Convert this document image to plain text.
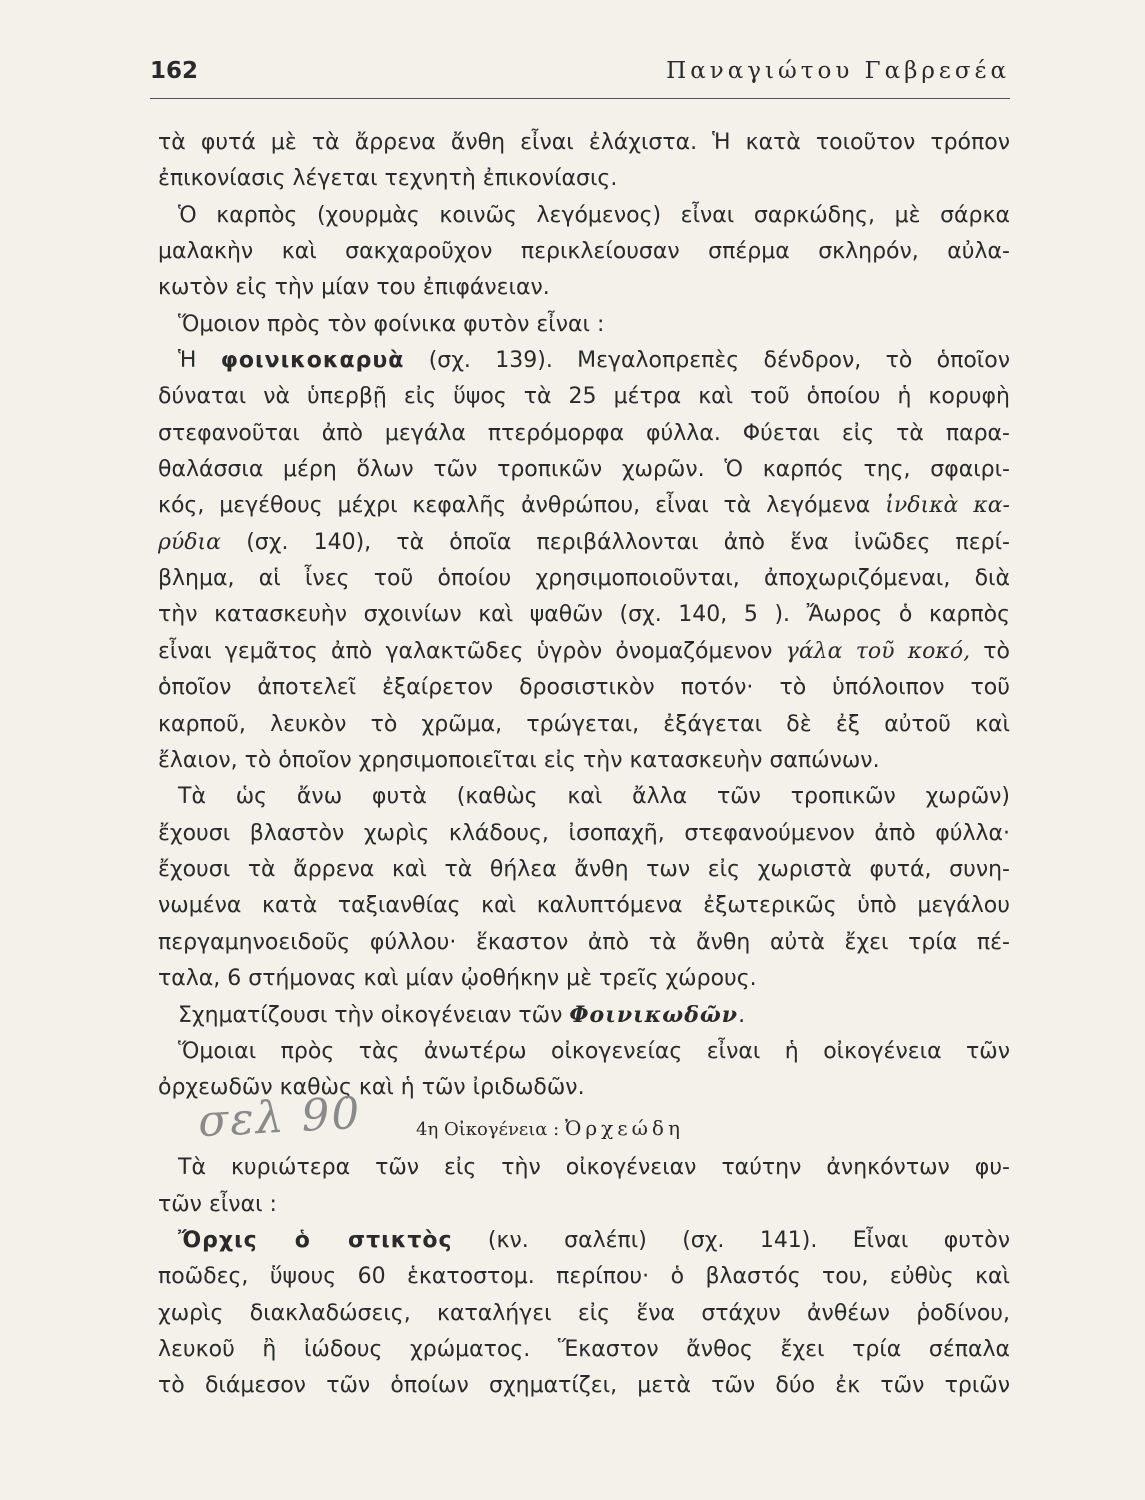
162	Παναγιώτου Γαβρεσέα
τὰ φυτά μὲ τὰ ἄρρενα ἄνθη εἶναι ἐλάχιστα. Ἡ κατὰ τοιοῦτον τρόπον
ἐπικονίασις λέγεται τεχνητὴ ἐπικονίασις.
Ὁ καρπὸς (χουρμὰς κοινῶς λεγόμενος) εἶναι σαρκώδης, μὲ σάρκα
μαλακὴν καὶ σακχαροῦχον περικλείουσαν σπέρμα σκληρόν, αὐλα-
κωτὸν εἰς τὴν μίαν του ἐπιφάνειαν.
Ὅμοιον πρὸς τὸν φοίνικα φυτὸν εἶναι :
Ἡ φοινικοκαρυὰ (σχ. 139). Μεγαλοπρεπὲς δένδρον, τὸ ὁποῖον
δύναται νὰ ὑπερβῇ εἰς ὕψος τὰ 25 μέτρα καὶ τοῦ ὁποίου ἡ κορυφὴ
στεφανοῦται ἀπὸ μεγάλα πτερόμορφα φύλλα. Φύεται εἰς τὰ παρα-
θαλάσσια μέρη ὅλων τῶν τροπικῶν χωρῶν. Ὁ καρπός της, σφαιρι-
κός, μεγέθους μέχρι κεφαλῆς ἀνθρώπου, εἶναι τὰ λεγόμενα ἰνδικὰ κα-
ρύδια (σχ. 140), τὰ ὁποῖα περιβάλλονται ἀπὸ ἕνα ἰνῶδες περί-
βλημα, αἱ ἶνες τοῦ ὁποίου χρησιμοποιοῦνται, ἀποχωριζόμεναι, διὰ
τὴν κατασκευὴν σχοινίων καὶ ψαθῶν (σχ. 140, 5 ). Ἄωρος ὁ καρπὸς
εἶναι γεμᾶτος ἀπὸ γαλακτῶδες ὑγρὸν ὀνομαζόμενον γάλα τοῦ κοκό, τὸ
ὁποῖον ἀποτελεῖ ἐξαίρετον δροσιστικὸν ποτόν· τὸ ὑπόλοιπον τοῦ
καρποῦ, λευκὸν τὸ χρῶμα, τρώγεται, ἐξάγεται δὲ ἐξ αὐτοῦ καὶ
ἔλαιον, τὸ ὁποῖον χρησιμοποιεῖται εἰς τὴν κατασκευὴν σαπώνων.
Τὰ ὡς ἄνω φυτὰ (καθὼς καὶ ἄλλα τῶν τροπικῶν χωρῶν)
ἔχουσι βλαστὸν χωρὶς κλάδους, ἰσοπαχῆ, στεφανούμενον ἀπὸ φύλλα·
ἔχουσι τὰ ἄρρενα καὶ τὰ θήλεα ἄνθη των εἰς χωριστὰ φυτά, συνη-
νωμένα κατὰ ταξιανθίας καὶ καλυπτόμενα ἐξωτερικῶς ὑπὸ μεγάλου
περγαμηνοειδοῦς φύλλου· ἕκαστον ἀπὸ τὰ ἄνθη αὐτὰ ἔχει τρία πέ-
ταλα, 6 στήμονας καὶ μίαν ᾠοθήκην μὲ τρεῖς χώρους.
Σχηματίζουσι τὴν οἰκογένειαν τῶν Φοινικωδῶν.
Ὅμοιαι πρὸς τὰς ἀνωτέρω οἰκογενείας εἶναι ἡ οἰκογένεια τῶν
ὀρχεωδῶν καθὼς καὶ ἡ τῶν ἰριδωδῶν.
σελ 90	4η Οἰκογένεια : Ὀρχεώδη
Τὰ κυριώτερα τῶν εἰς τὴν οἰκογένειαν ταύτην ἀνηκόντων φυ-
τῶν εἶναι :
Ὄρχις ὁ στικτὸς (κν. σαλέπι) (σχ. 141). Εἶναι φυτὸν
ποῶδες, ὕψους 60 ἑκατοστομ. περίπου· ὁ βλαστός του, εὐθὺς καὶ
χωρὶς διακλαδώσεις, καταλήγει εἰς ἕνα στάχυν ἀνθέων ῥοδίνου,
λευκοῦ ἢ ἰώδους χρώματος. Ἕκαστον ἄνθος ἔχει τρία σέπαλα
τὸ διάμεσον τῶν ὁποίων σχηματίζει, μετὰ τῶν δύο ἐκ τῶν τριῶν
